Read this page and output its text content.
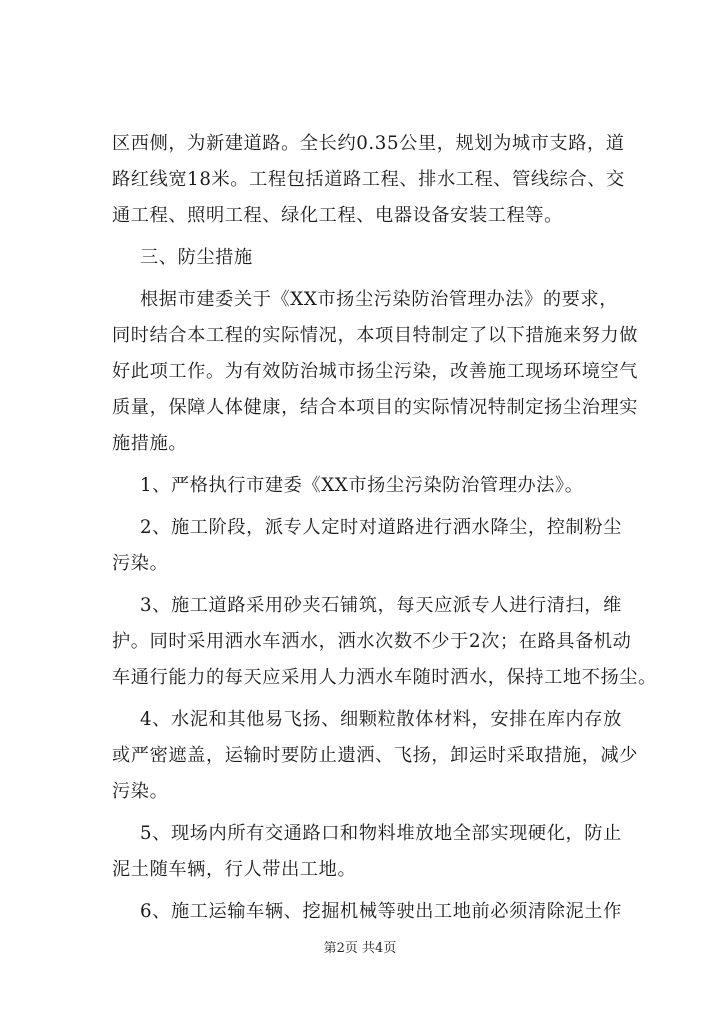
区西侧，为新建道路。全长约0.35公里，规划为城市支路，道
路红线宽18米。工程包括道路工程、排水工程、管线综合、交
通工程、照明工程、绿化工程、电器设备安装工程等。
三、防尘措施
根据市建委关于《XX市扬尘污染防治管理办法》的要求，
同时结合本工程的实际情况，本项目特制定了以下措施来努力做
好此项工作。为有效防治城市扬尘污染，改善施工现场环境空气
质量，保障人体健康，结合本项目的实际情况特制定扬尘治理实
施措施。
1、严格执行市建委《XX市扬尘污染防治管理办法》。
2、施工阶段，派专人定时对道路进行洒水降尘，控制粉尘
污染。
3、施工道路采用砂夹石铺筑，每天应派专人进行清扫，维
护。同时采用洒水车洒水，洒水次数不少于2次；在路具备机动
车通行能力的每天应采用人力洒水车随时洒水，保持工地不扬尘。
4、水泥和其他易飞扬、细颗粒散体材料，安排在库内存放
或严密遮盖，运输时要防止遗洒、飞扬，卸运时采取措施，减少
污染。
5、现场内所有交通路口和物料堆放地全部实现硬化，防止
泥土随车辆，行人带出工地。
6、施工运输车辆、挖掘机械等驶出工地前必须清除泥土作
第2页 共4页
